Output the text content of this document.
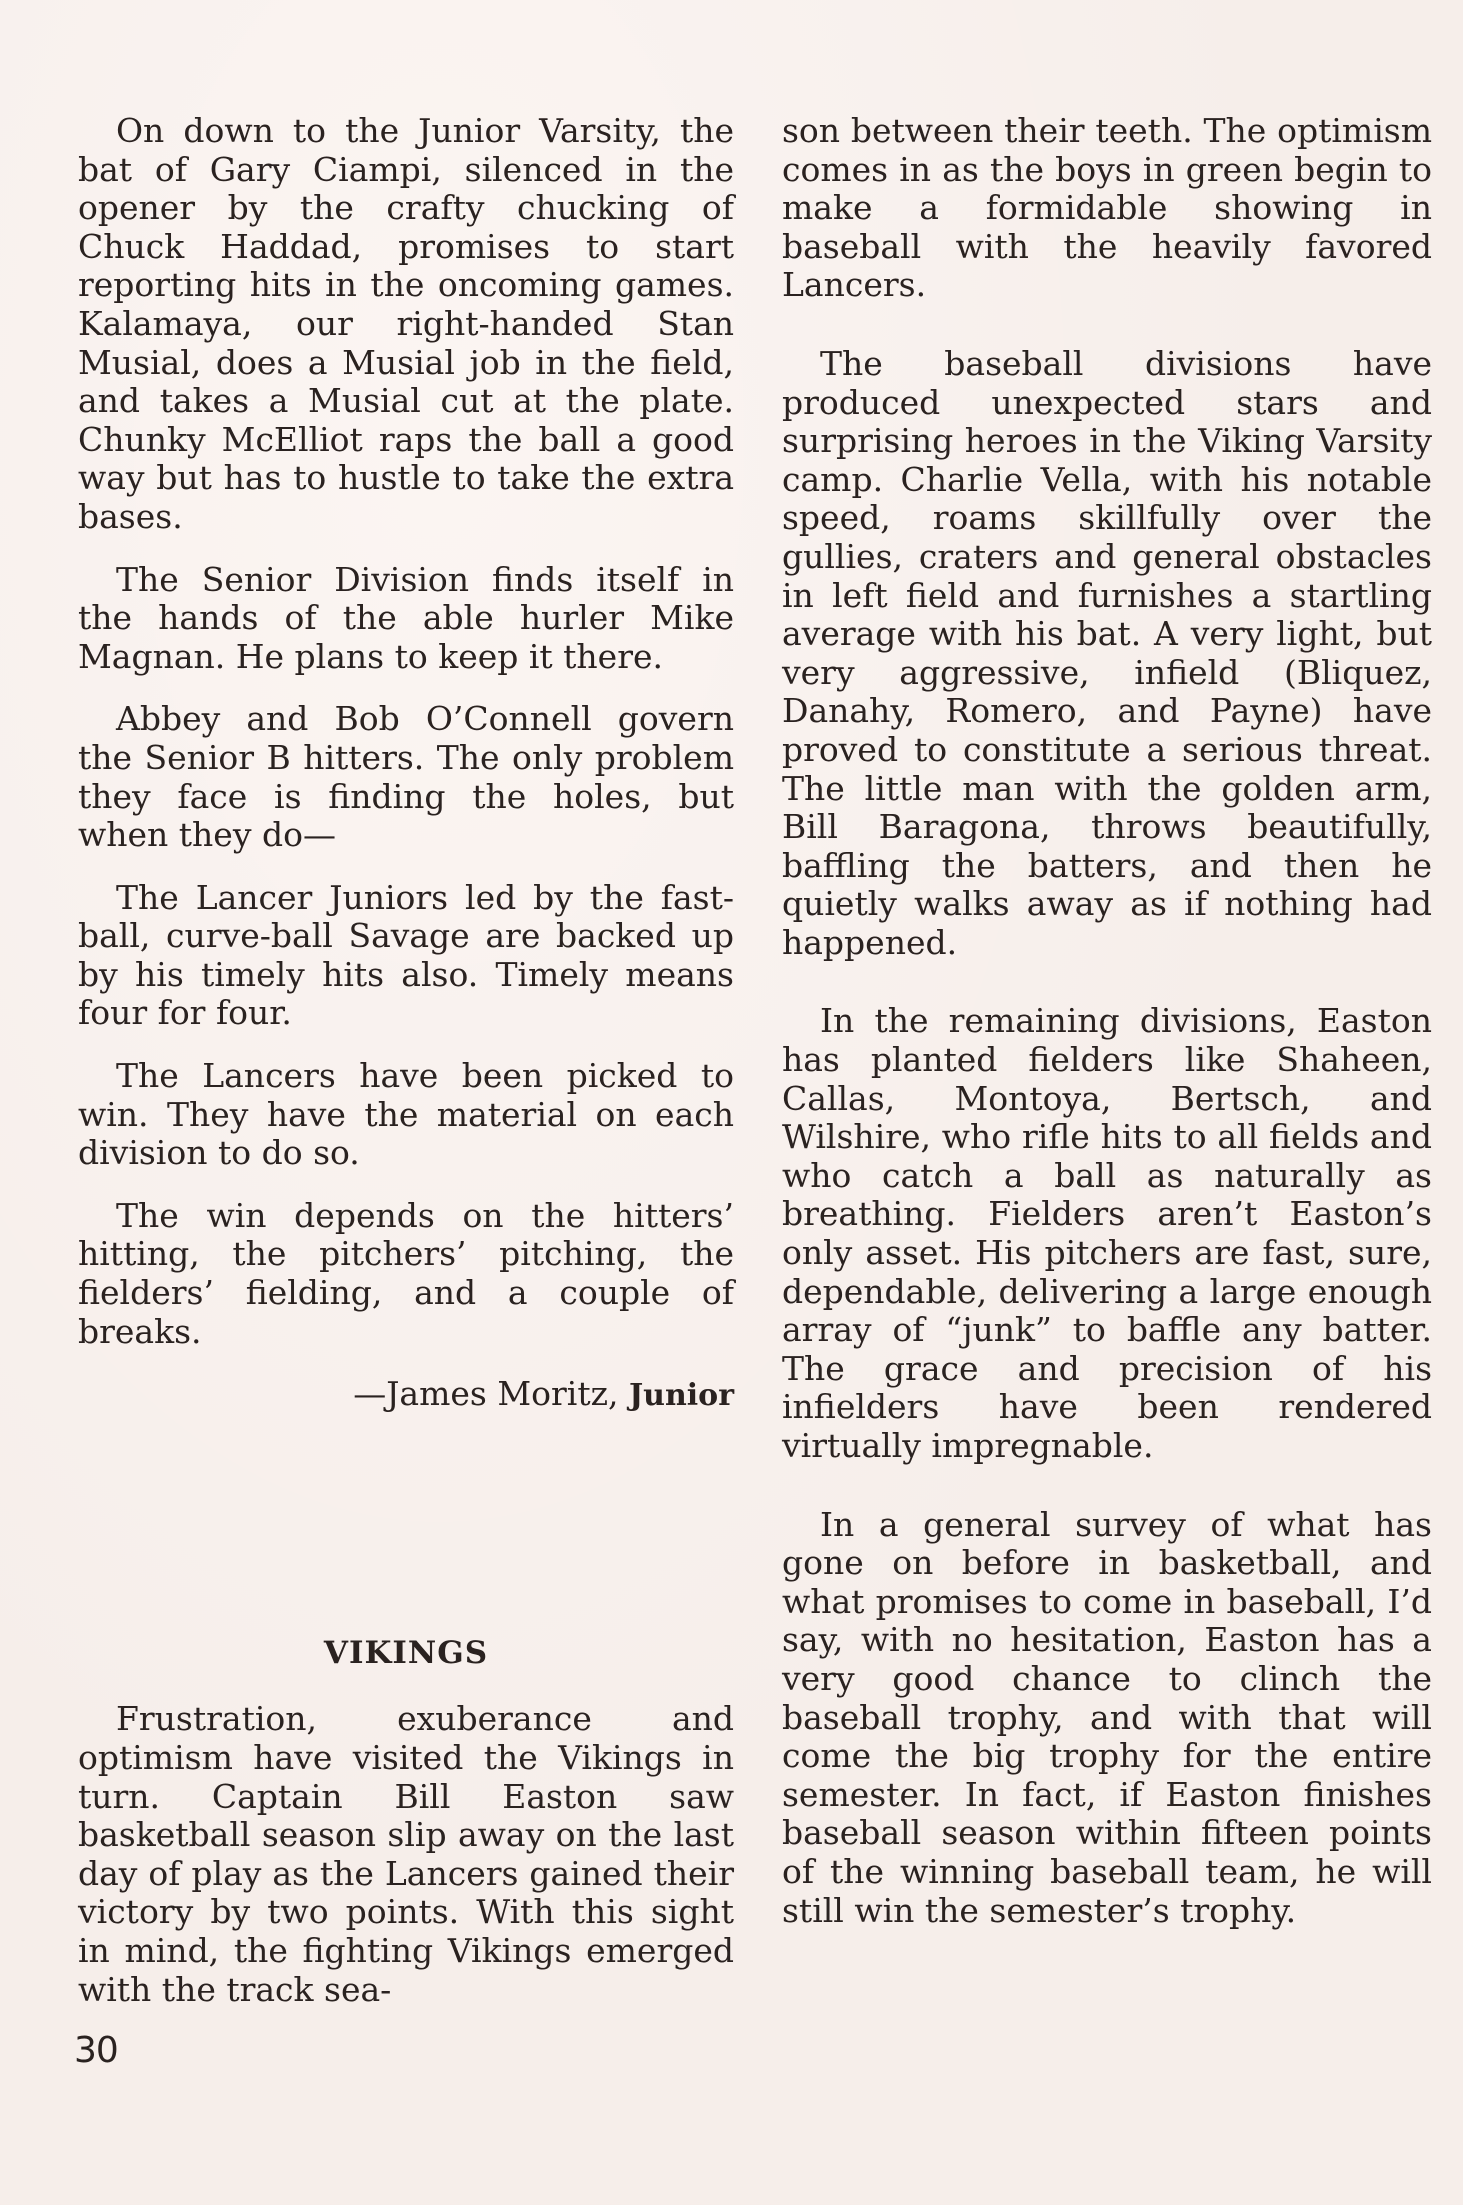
On down to the Junior Varsity, the bat of Gary Ciampi, silenced in the opener by the crafty chucking of Chuck Haddad, promises to start reporting hits in the oncoming games. Kalamaya, our right-handed Stan Musial, does a Musial job in the field, and takes a Musial cut at the plate. Chunky McElliot raps the ball a good way but has to hustle to take the extra bases.

The Senior Division finds itself in the hands of the able hurler Mike Magnan. He plans to keep it there.

Abbey and Bob O’Connell govern the Senior B hitters. The only problem they face is finding the holes, but when they do—

The Lancer Juniors led by the fast-ball, curve-ball Savage are backed up by his timely hits also. Timely means four for four.

The Lancers have been picked to win. They have the material on each division to do so.

The win depends on the hitters’ hitting, the pitchers’ pitching, the fielders’ fielding, and a couple of breaks.

—James Moritz, Junior

VIKINGS

Frustration, exuberance and optimism have visited the Vikings in turn. Captain Bill Easton saw basketball season slip away on the last day of play as the Lancers gained their victory by two points. With this sight in mind, the fighting Vikings emerged with the track sea-

son between their teeth. The optimism comes in as the boys in green begin to make a formidable showing in baseball with the heavily favored Lancers.

The baseball divisions have produced unexpected stars and surprising heroes in the Viking Varsity camp. Charlie Vella, with his notable speed, roams skillfully over the gullies, craters and general obstacles in left field and furnishes a startling average with his bat. A very light, but very aggressive, infield (Bliquez, Danahy, Romero, and Payne) have proved to constitute a serious threat. The little man with the golden arm, Bill Baragona, throws beautifully, baffling the batters, and then he quietly walks away as if nothing had happened.

In the remaining divisions, Easton has planted fielders like Shaheen, Callas, Montoya, Bertsch, and Wilshire, who rifle hits to all fields and who catch a ball as naturally as breathing. Fielders aren’t Easton’s only asset. His pitchers are fast, sure, dependable, delivering a large enough array of “junk” to baffle any batter. The grace and precision of his infielders have been rendered virtually impregnable.

In a general survey of what has gone on before in basketball, and what promises to come in baseball, I’d say, with no hesitation, Easton has a very good chance to clinch the baseball trophy, and with that will come the big trophy for the entire semester. In fact, if Easton finishes baseball season within fifteen points of the winning baseball team, he will still win the semester’s trophy.

30
